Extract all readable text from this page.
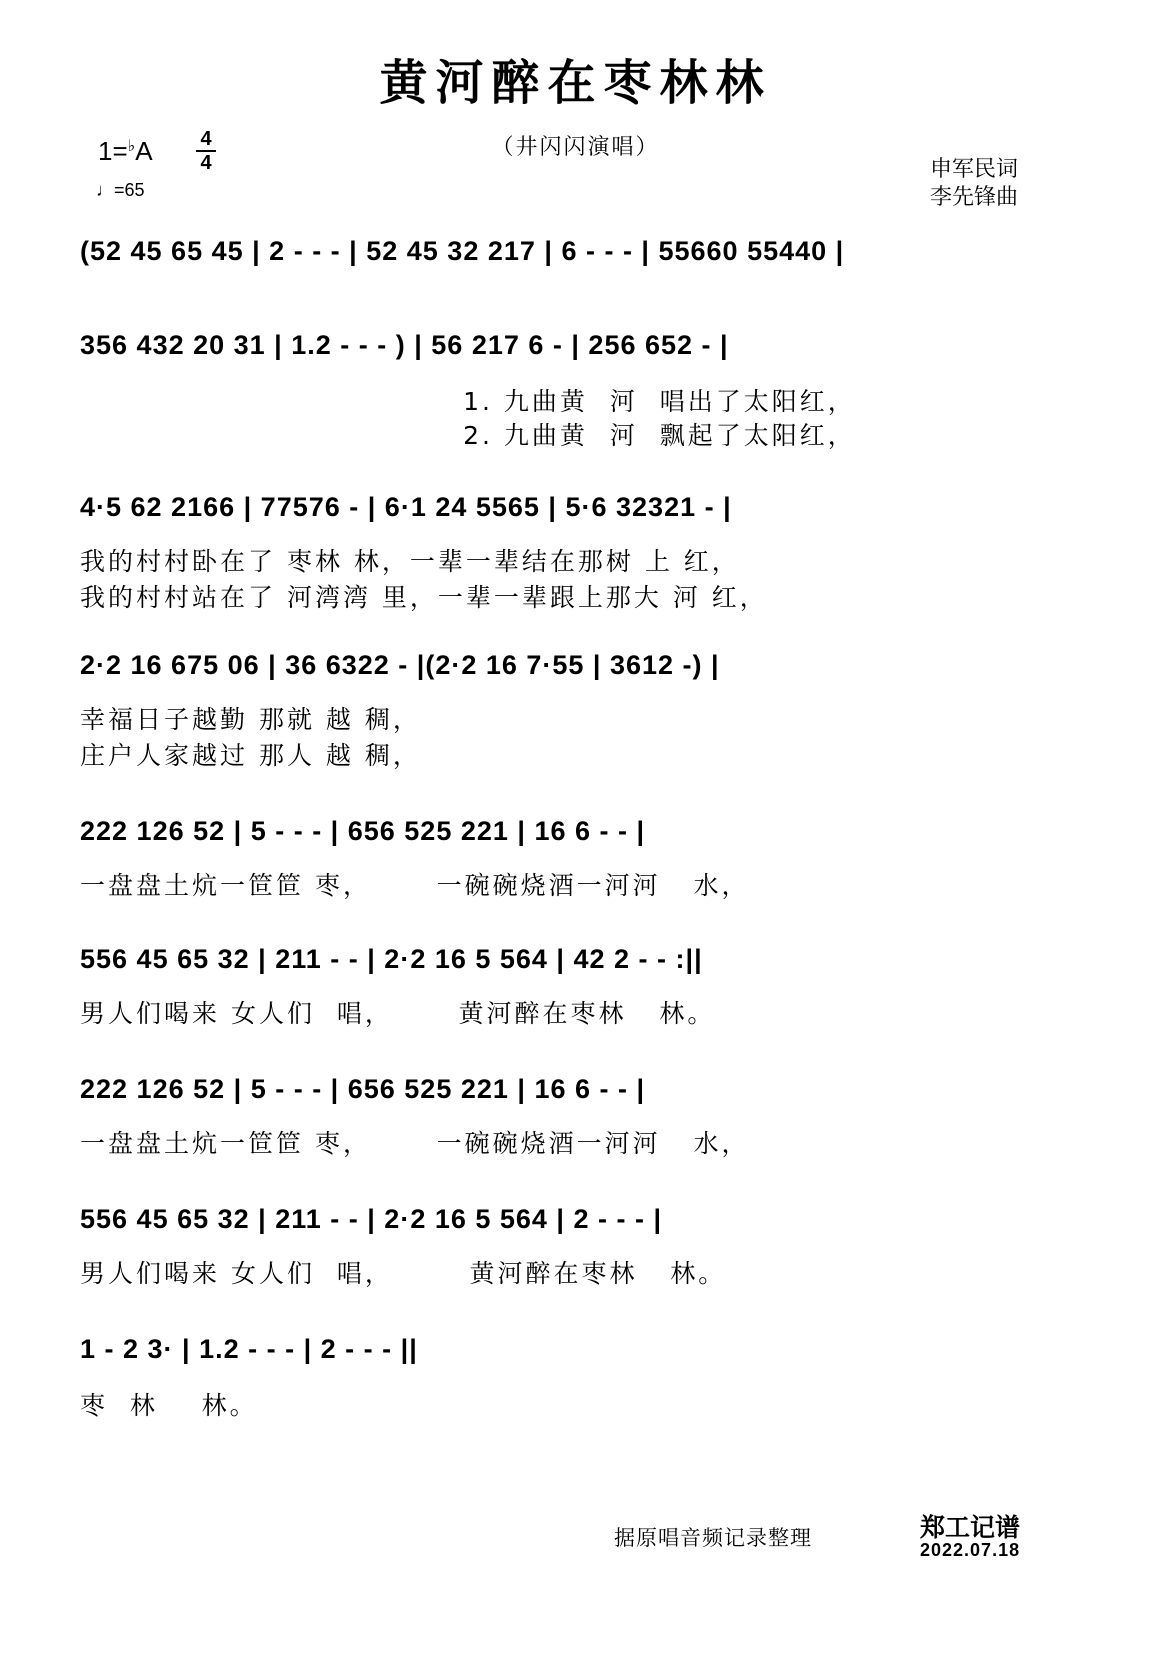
黄河醉在枣林林
（井闪闪演唱）
1=♭A 4
4
♩=65
申军民词
李先锋曲
(52 45 65 45 | 2 - - - | 52 45 32 217 | 6 - - - | 55660 55440 |
356 432 20 31 | 1.2 - - - ) | 56 217 6 - | 256 652 - |
1. 九曲黄  河  唱出了太阳红，
2. 九曲黄  河  飘起了太阳红，
4·5 62 2166 | 77576 - | 6·1 24 5565 | 5·6 32321 - |
我的村村卧在了 枣林 林，一辈一辈结在那树 上 红，
我的村村站在了 河湾湾 里，一辈一辈跟上那大 河 红，
2·2 16 675 06 | 36 6322 - |(2·2 16 7·55 | 3612 -) |
幸福日子越勤 那就 越 稠，
庄户人家越过 那人 越 稠，
222 126 52 | 5 - - - | 656 525 221 | 16 6 - - |
一盘盘土炕一笸笸 枣，      一碗碗烧酒一河河   水，
556 45 65 32 | 211 - - | 2·2 16 5 564 | 42 2 - - :||
男人们喝来 女人们  唱，      黄河醉在枣林   林。
222 126 52 | 5 - - - | 656 525 221 | 16 6 - - |
一盘盘土炕一笸笸 枣，      一碗碗烧酒一河河   水，
556 45 65 32 | 211 - - | 2·2 16 5 564 | 2 - - - |
男人们喝来 女人们  唱，       黄河醉在枣林   林。
1 - 2 3· | 1.2 - - - | 2 - - - ||
枣  林    林。
据原唱音频记录整理	郑工记谱
2022.07.18
